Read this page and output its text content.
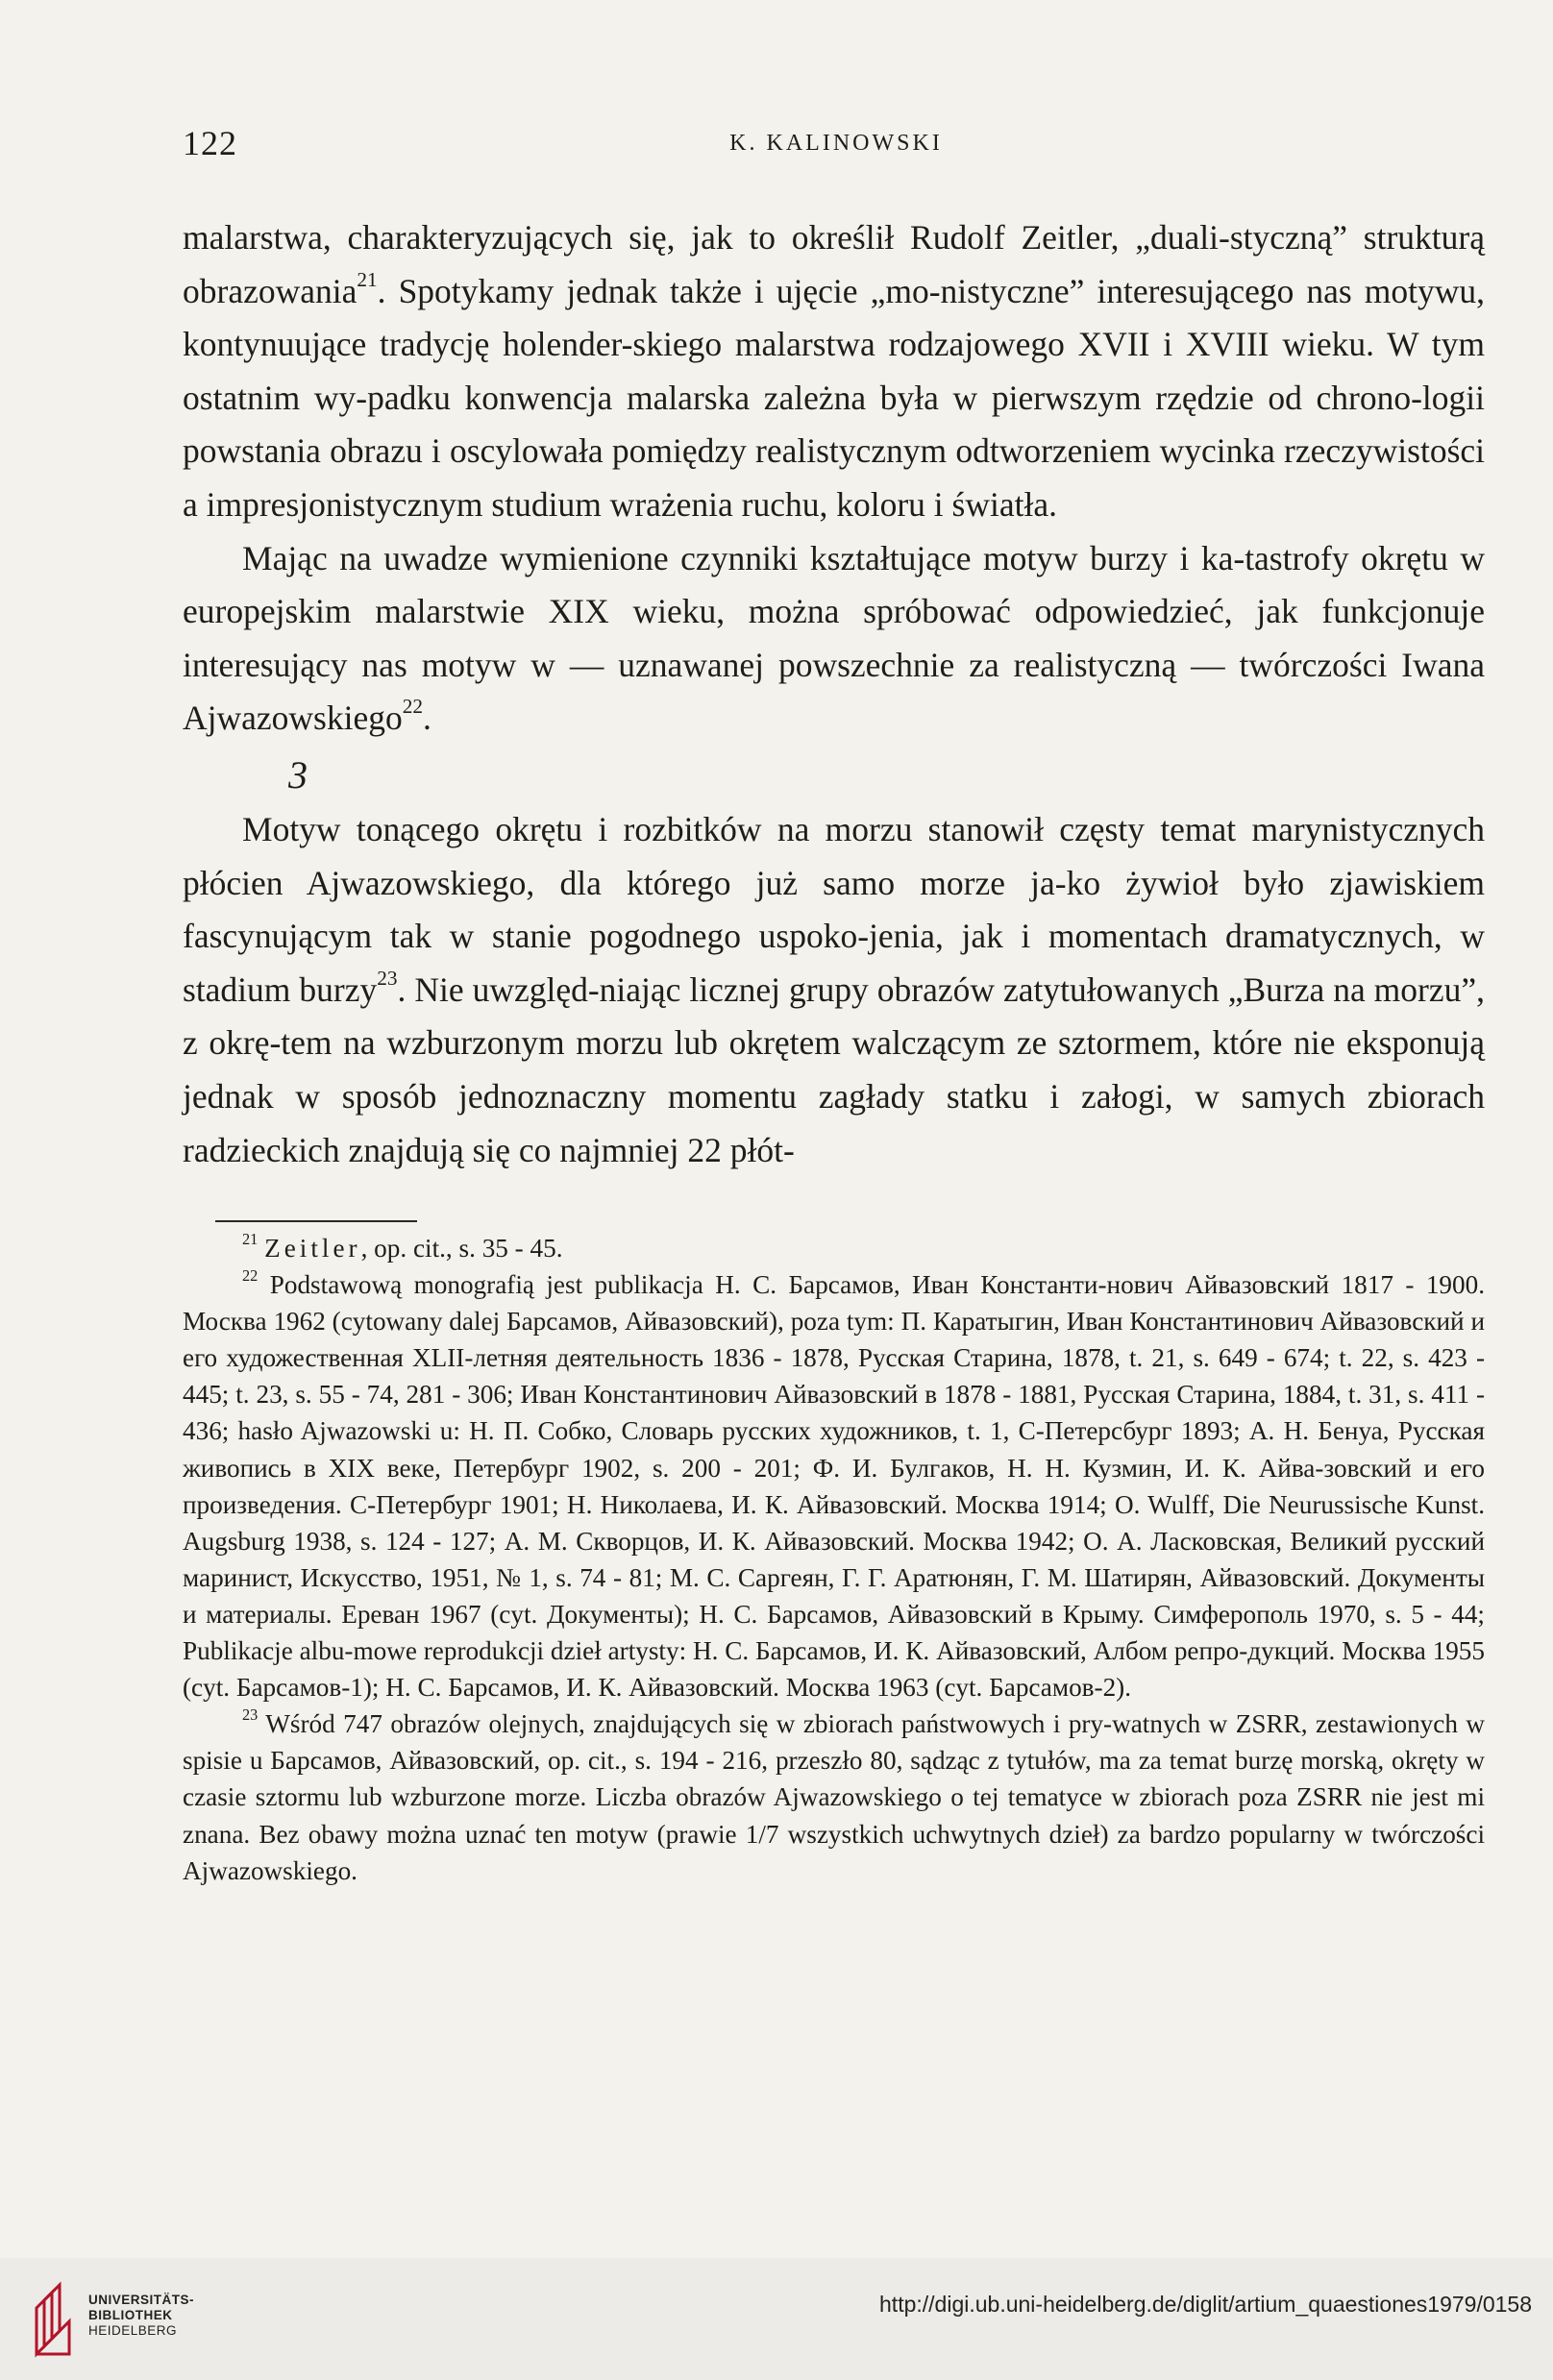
122	K. KALINOWSKI

malarstwa, charakteryzujących się, jak to określił Rudolf Zeitler, „duali-styczną” strukturą obrazowania$^{21}$. Spotykamy jednak także i ujęcie „mo-nistyczne” interesującego nas motywu, kontynuujące tradycję holender-skiego malarstwa rodzajowego XVII i XVIII wieku. W tym ostatnim wy-padku konwencja malarska zależna była w pierwszym rzędzie od chrono-logii powstania obrazu i oscylowała pomiędzy realistycznym odtworzeniem wycinka rzeczywistości a impresjonistycznym studium wrażenia ruchu, koloru i światła.

Mając na uwadze wymienione czynniki kształtujące motyw burzy i ka-tastrofy okrętu w europejskim malarstwie XIX wieku, można spróbować odpowiedzieć, jak funkcjonuje interesujący nas motyw w — uznawanej powszechnie za realistyczną — twórczości Iwana Ajwazowskiego$^{22}$.

3

Motyw tonącego okrętu i rozbitków na morzu stanowił częsty temat marynistycznych płócien Ajwazowskiego, dla którego już samo morze ja-ko żywioł było zjawiskiem fascynującym tak w stanie pogodnego uspoko-jenia, jak i momentach dramatycznych, w stadium burzy$^{23}$. Nie uwzględ-niając licznej grupy obrazów zatytułowanych „Burza na morzu”, z okrę-tem na wzburzonym morzu lub okrętem walczącym ze sztormem, które nie eksponują jednak w sposób jednoznaczny momentu zagłady statku i załogi, w samych zbiorach radzieckich znajdują się co najmniej 22 płót-

$^{21}$ Zeitler, op. cit., s. 35 - 45.

$^{22}$ Podstawową monografią jest publikacja Н. С. Барсамов, Иван Константи-нович Айвазовский 1817 - 1900. Москва 1962 (cytowany dalej Барсамов, Айвазовский), poza tym: П. Каратыгин, Иван Константинович Айвазовский и его художественная XLII-летняя деятельность 1836 - 1878, Русская Старина, 1878, t. 21, s. 649 - 674; t. 22, s. 423 - 445; t. 23, s. 55 - 74, 281 - 306; Иван Константинович Айвазовский в 1878 - 1881, Русская Старина, 1884, t. 31, s. 411 - 436; hasło Ajwazowski u: Н. П. Собко, Словарь русских художников, t. 1, С-Петерсбург 1893; А. Н. Бенуа, Русская живопись в XIX веке, Петербург 1902, s. 200 - 201; Ф. И. Булгаков, Н. Н. Кузмин, И. К. Айва-зовский и его произведения. С-Петербург 1901; Н. Николаева, И. К. Айвазовский. Москва 1914; O. Wulff, Die Neurussische Kunst. Augsburg 1938, s. 124 - 127; А. М. Скворцов, И. К. Айвазовский. Москва 1942; О. А. Ласковская, Великий русский маринист, Искусство, 1951, № 1, s. 74 - 81; М. С. Саргеян, Г. Г. Аратюнян, Г. М. Шатирян, Айвазовский. Документы и материалы. Ереван 1967 (cyt. Документы); Н. С. Барсамов, Айвазовский в Крыму. Симферополь 1970, s. 5 - 44; Publikacje albu-mowe reprodukcji dzieł artysty: Н. С. Барсамов, И. К. Айвазовский, Албом репро-дукций. Москва 1955 (cyt. Барсамов-1); Н. С. Барсамов, И. К. Айвазовский. Москва 1963 (cyt. Барсамов-2).

$^{23}$ Wśród 747 obrazów olejnych, znajdujących się w zbiorach państwowych i pry-watnych w ZSRR, zestawionych w spisie u Барсамов, Айвазовский, op. cit., s. 194 - 216, przeszło 80, sądząc z tytułów, ma za temat burzę morską, okręty w czasie sztormu lub wzburzone morze. Liczba obrazów Ajwazowskiego o tej tematyce w zbiorach poza ZSRR nie jest mi znana. Bez obawy można uznać ten motyw (prawie 1/7 wszystkich uchwytnych dzieł) za bardzo popularny w twórczości Ajwazowskiego.

UNIVERSITÄTS-
BIBLIOTHEK
HEIDELBERG
http://digi.ub.uni-heidelberg.de/diglit/artium_quaestiones1979/0158
